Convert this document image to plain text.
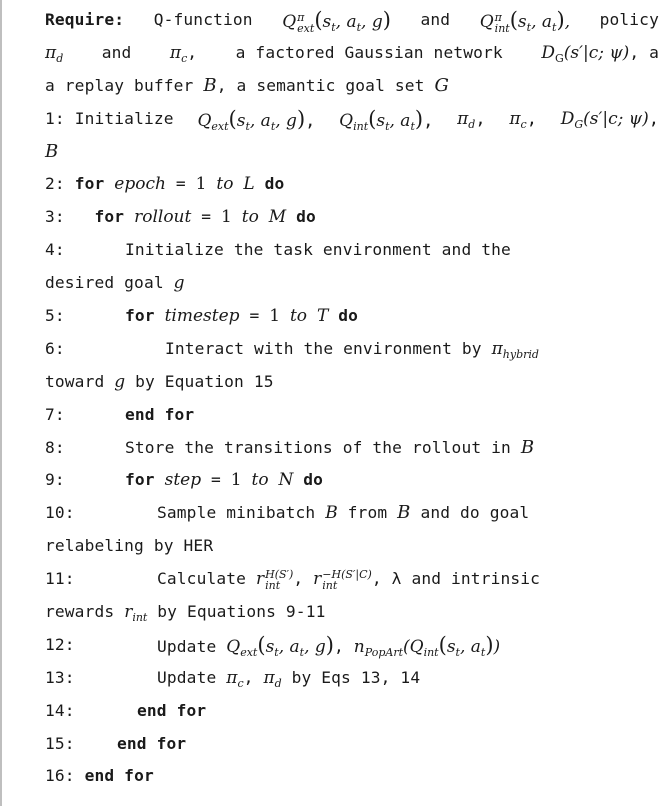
Require: Q-function Q π
ext ($s_t$, $a_t$, g) and Q π
int ($s_t$, $a_t$), policy
$\pi_d$ and $\pi_c$, a factored Gaussian network $D_G(s'|c$; ψ), a
a replay buffer B, a semantic goal set G
1: Initialize $Q_{ext}(s_t$, $a_t$, g), $Q_{int}(s_t$, $a_t$), $\pi_d$, $\pi_c$, $D_G(s'|c$; ψ),
B
2: for epoch = 1 to L do
3: for rollout = 1 to M do
4:	Initialize the task environment and the
desired goal g
5:	for timestep = 1 to T do
6:	Interact with the environment by $\pi_{hybrid}$
toward g by Equation 15
7:	end for
8:	Store the transitions of the rollout in B
9:	for step = 1 to N do
10:	Sample minibatch B from B and do goal
relabeling by HER
11:	Calculate r H(S′)
int , r −H(S′|C)
int	, λ and intrinsic
rewards $r_{int}$ by Equations 9-11
12:	Update $Q_{ext}(s_t$, $a_t$, g), $n_{PopArt}(Q_{int}(s_t$, $a_t$))
13:	Update $\pi_c$, $\pi_d$ by Eqs 13, 14
14:	end for
15:	end for
16: end for
